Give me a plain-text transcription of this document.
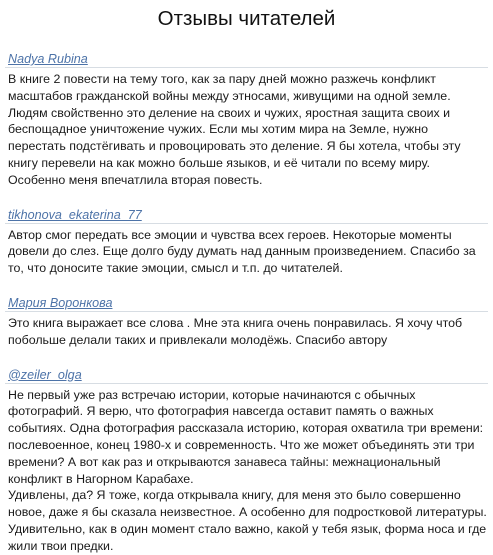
Отзывы читателей
Nadya Rubina

В книге 2 повести на тему того, как за пару дней можно разжечь конфликт масштабов гражданской войны между этносами, живущими на одной земле. Людям свойственно это деление на своих и чужих, яростная защита своих и беспощадное уничтожение чужих. Если мы хотим мира на Земле, нужно перестать подстёгивать и провоцировать это деление. Я бы хотела, чтобы эту книгу перевели на как можно больше языков, и её читали по всему миру.

Особенно меня впечатлила вторая повесть.

tikhonova_ekaterina_77

Автор смог передать все эмоции и чувства всех героев. Некоторые моменты довели до слез. Еще долго буду думать над данным произведением. Спасибо за то, что доносите такие эмоции, смысл и т.п. до читателей.

Мария Воронкова

Это книга выражает все слова . Мне эта книга очень понравилась. Я хочу чтоб побольше делали таких и привлекали молодёжь. Спасибо автору

@zeiler_olga

Не первый уже раз встречаю истории, которые начинаются с обычных фотографий. Я верю, что фотография навсегда оставит память о важных событиях. Одна фотография рассказала историю, которая охватила три времени: послевоенное, конец 1980-х и современность. Что же может объединять эти три времени? А вот как раз и открываются занавеса тайны: межнациональный конфликт в Нагорном Карабахе.

Удивлены, да? Я тоже, когда открывала книгу, для меня это было совершенно новое, даже я бы сказала неизвестное. А особенно для подростковой литературы. Удивительно, как в один момент стало важно, какой у тебя язык, форма носа и где жили твои предки.
